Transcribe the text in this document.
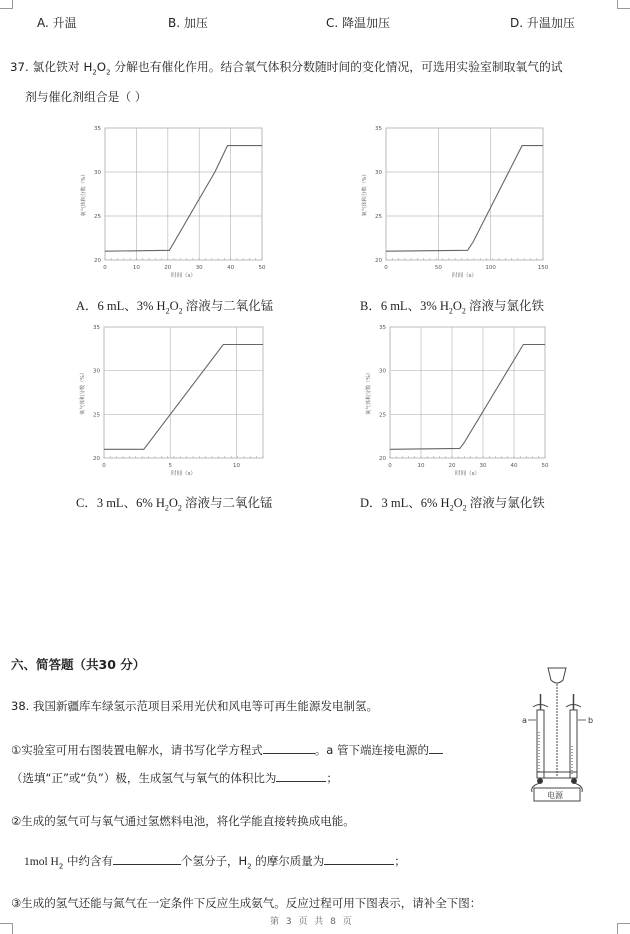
A. 升温	B. 加压	C. 降温加压	D. 升温加压
37. 氯化铁对 $H_2O_2$ 分解也有催化作用。结合氧气体积分数随时间的变化情况，可选用实验室制取氧气的试
剂与催化剂组合是（ ）
0	10	20	30	40	50
20
25
30
35
时间（s）
氧气体积分数（%）
0	50	100	150
20
25
30
35
时间（s）
氧气体积分数（%）
0	5	10
20
25
30
35
时间（s）
氧气体积分数（%）
0	10	20	30	40	50
20
25
30
35
时间（s）
氧气体积分数（%）
A．6 mL、3% $H_2O_2$ 溶液与二氧化锰	B．6 mL、3% $H_2O_2$ 溶液与氯化铁
C．3 mL、6% $H_2O_2$ 溶液与二氧化锰	D．3 mL、6% $H_2O_2$ 溶液与氯化铁
六、简答题（共30 分）
38. 我国新疆库车绿氢示范项目采用光伏和风电等可再生能源发电制氢。
①实验室可用右图装置电解水，请书写化学方程式	。a 管下端连接电源的
（选填“正”或“负”）极，生成氢气与氧气的体积比为	；
②生成的氢气可与氧气通过氢燃料电池，将化学能直接转换成电能。
1mol $H_2$ 中约含有	个氢分子，$H_2$ 的摩尔质量为	；
③生成的氢气还能与氮气在一定条件下反应生成氨气。反应过程可用下图表示，请补全下图：
a	b
电源
第 3 页 共 8 页
